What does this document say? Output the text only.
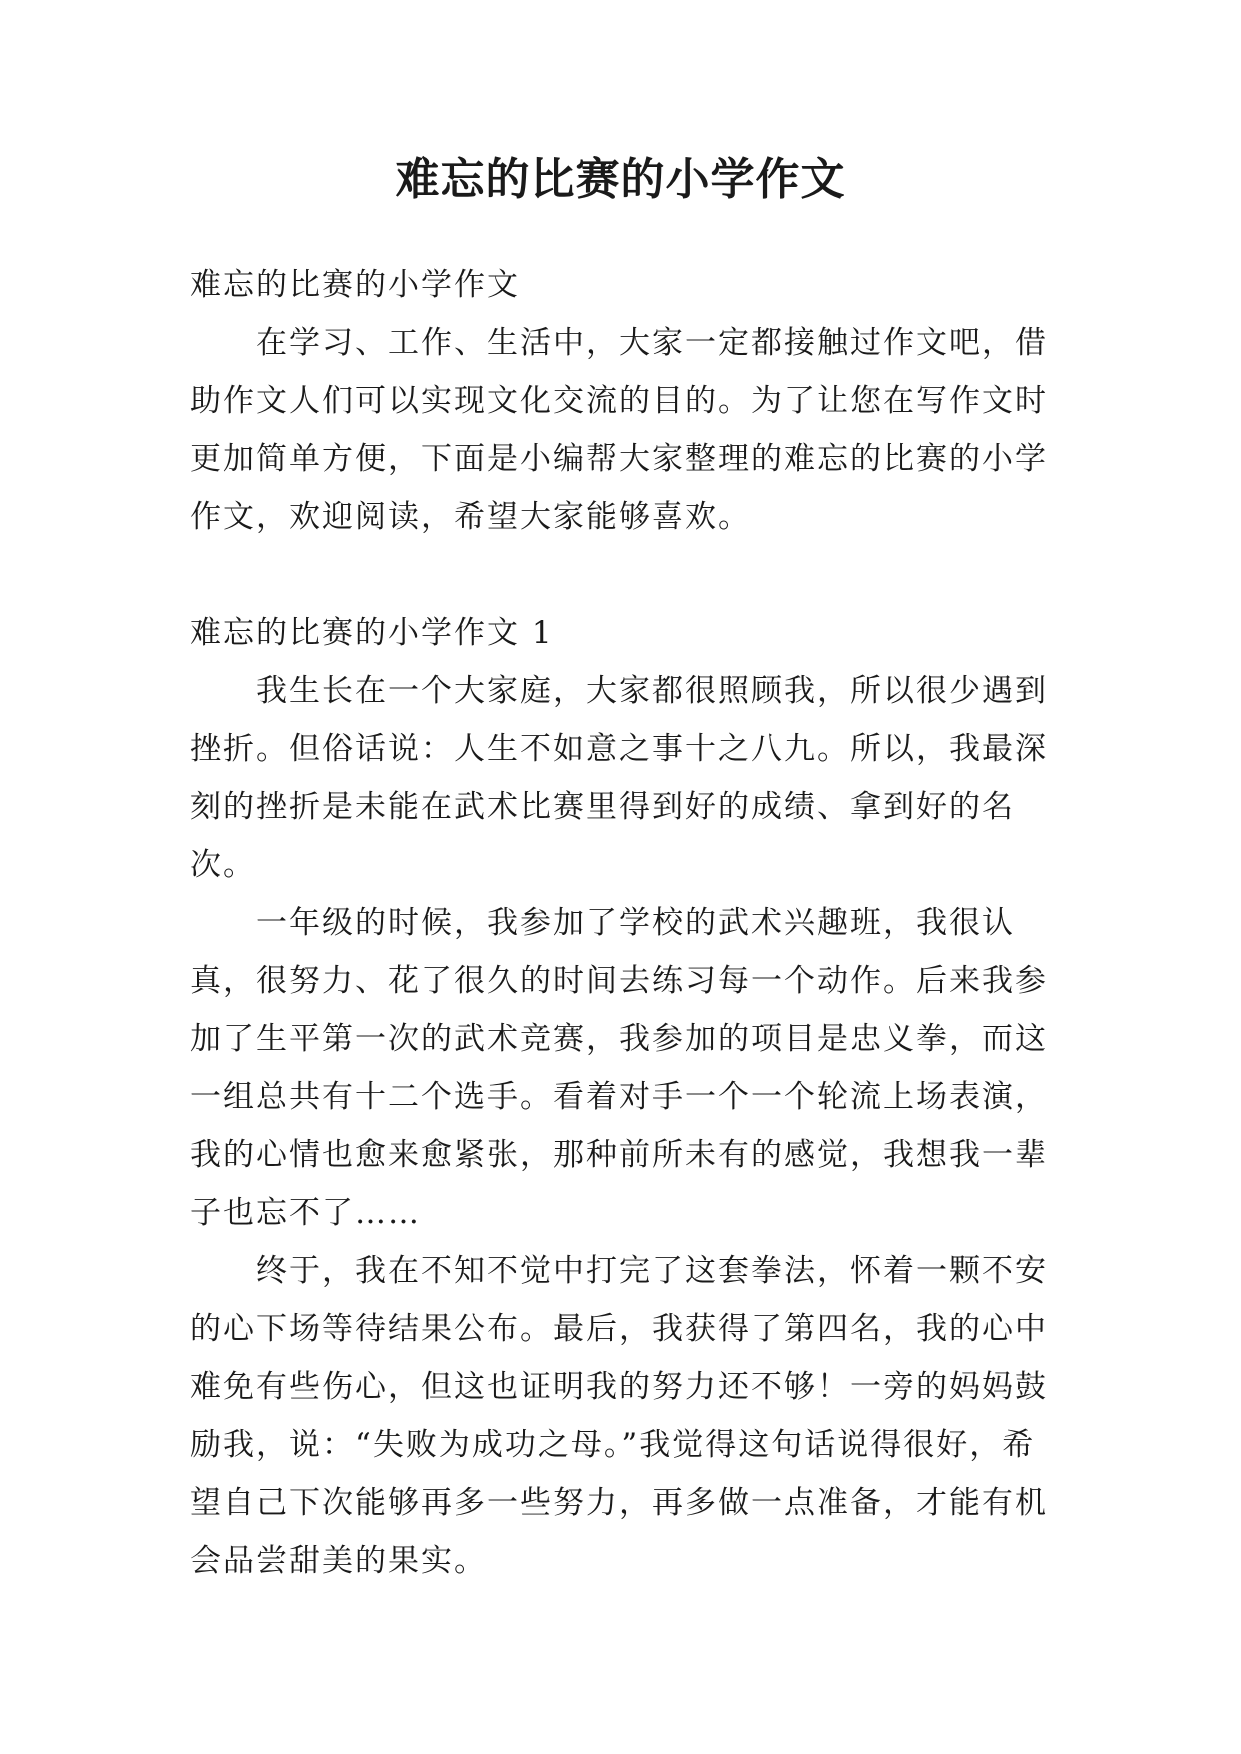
难忘的比赛的小学作文

难忘的比赛的小学作文

在学习、工作、生活中，大家一定都接触过作文吧，借助作文人们可以实现文化交流的目的。为了让您在写作文时更加简单方便，下面是小编帮大家整理的难忘的比赛的小学作文，欢迎阅读，希望大家能够喜欢。

难忘的比赛的小学作文 1

我生长在一个大家庭，大家都很照顾我，所以很少遇到挫折。但俗话说：人生不如意之事十之八九。所以，我最深刻的挫折是未能在武术比赛里得到好的成绩、拿到好的名次。

一年级的时候，我参加了学校的武术兴趣班，我很认真，很努力、花了很久的时间去练习每一个动作。后来我参加了生平第一次的武术竞赛，我参加的项目是忠义拳，而这一组总共有十二个选手。看着对手一个一个轮流上场表演，我的心情也愈来愈紧张，那种前所未有的感觉，我想我一辈子也忘不了……

终于，我在不知不觉中打完了这套拳法，怀着一颗不安的心下场等待结果公布。最后，我获得了第四名，我的心中难免有些伤心，但这也证明我的努力还不够！一旁的妈妈鼓励我，说：“失败为成功之母。”我觉得这句话说得很好，希望自己下次能够再多一些努力，再多做一点准备，才能有机会品尝甜美的果实。
